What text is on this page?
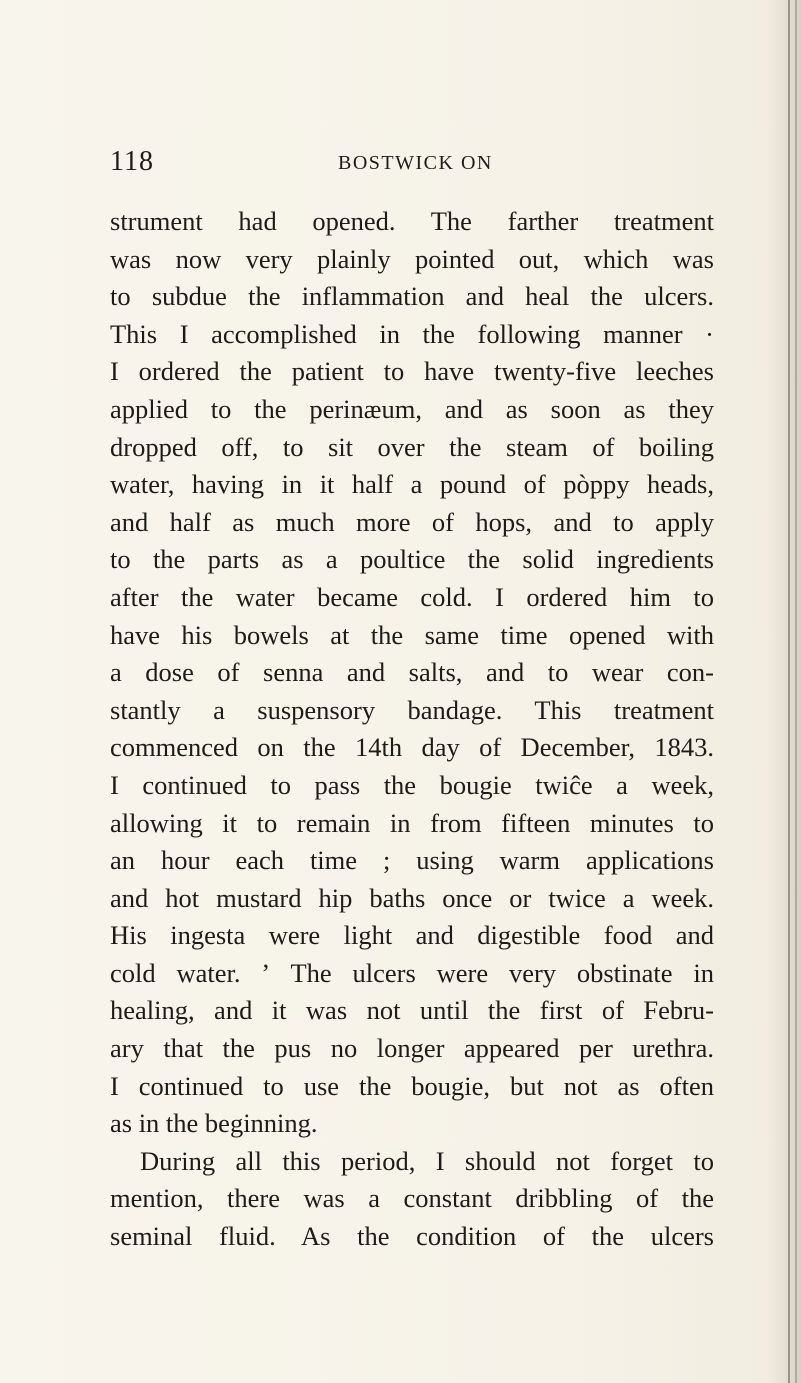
118	BOSTWICK ON
strument had opened. The farther treatment
was now very plainly pointed out, which was
to subdue the inflammation and heal the ulcers.
This I accomplished in the following manner ·
I ordered the patient to have twenty-five leeches
applied to the perinæum, and as soon as they
dropped off, to sit over the steam of boiling
water, having in it half a pound of pòppy heads,
and half as much more of hops, and to apply
to the parts as a poultice the solid ingredients
after the water became cold. I ordered him to
have his bowels at the same time opened with
a dose of senna and salts, and to wear con-
stantly a suspensory bandage. This treatment
commenced on the 14th day of December, 1843.
I continued to pass the bougie twiĉe a week,
allowing it to remain in from fifteen minutes to
an hour each time ; using warm applications
and hot mustard hip baths once or twice a week.
His ingesta were light and digestible food and
cold water. ʼ The ulcers were very obstinate in
healing, and it was not until the first of Febru-
ary that the pus no longer appeared per urethra.
I continued to use the bougie, but not as often
as in the beginning.
During all this period, I should not forget to
mention, there was a constant dribbling of the
seminal fluid. As the condition of the ulcers
